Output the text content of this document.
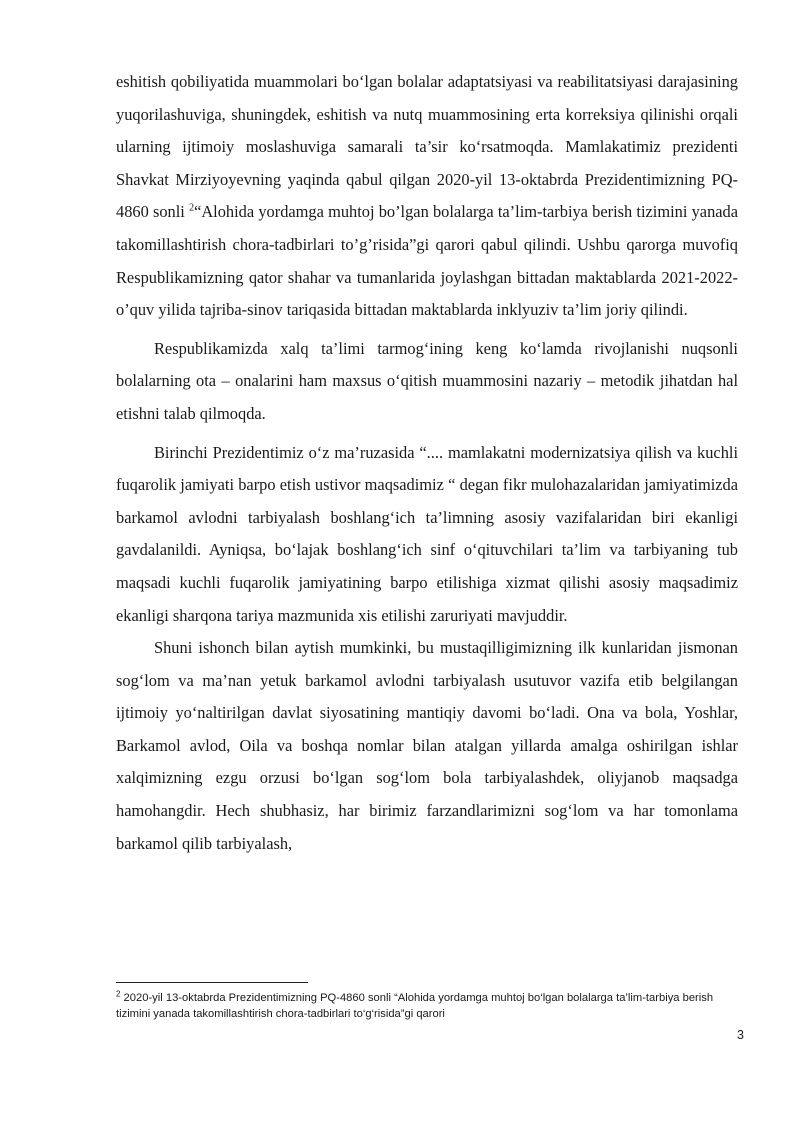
eshitish qobiliyatida muammolari bo‘lgan bolalar adaptatsiyasi va reabilitatsiyasi darajasining yuqorilashuviga, shuningdek, eshitish va nutq muammosining erta korreksiya qilinishi orqali ularning ijtimoiy moslashuviga samarali ta’sir ko‘rsatmoqda. Mamlakatimiz prezidenti Shavkat Mirziyoyevning yaqinda qabul qilgan 2020-yil 13-oktabrda Prezidentimizning PQ-4860 sonli $^2$“Alohida yordamga muhtoj bo’lgan bolalarga ta’lim-tarbiya berish tizimini yanada takomillashtirish chora-tadbirlari to’g’risida”gi qarori qabul qilindi. Ushbu qarorga muvofiq Respublikamizning qator shahar va tumanlarida joylashgan bittadan maktablarda 2021-2022-o’quv yilida tajriba-sinov tariqasida bittadan maktablarda inklyuziv ta’lim joriy qilindi.

Respublikamizda xalq ta’limi tarmog‘ining keng ko‘lamda rivojlanishi nuqsonli bolalarning ota – onalarini ham maxsus o‘qitish muammosini nazariy – metodik jihatdan hal etishni talab qilmoqda.

Birinchi Prezidentimiz o‘z ma’ruzasida “.... mamlakatni modernizatsiya qilish va kuchli fuqarolik jamiyati barpo etish ustivor maqsadimiz “ degan fikr mulohazalaridan jamiyatimizda barkamol avlodni tarbiyalash boshlang‘ich ta’limning asosiy vazifalaridan biri ekanligi gavdalanildi. Ayniqsa, bo‘lajak boshlang‘ich sinf o‘qituvchilari ta’lim va tarbiyaning tub maqsadi kuchli fuqarolik jamiyatining barpo etilishiga xizmat qilishi asosiy maqsadimiz ekanligi sharqona tariya mazmunida xis etilishi zaruriyati mavjuddir.

Shuni ishonch bilan aytish mumkinki, bu mustaqilligimizning ilk kunlaridan jismonan sog‘lom va ma’nan yetuk barkamol avlodni tarbiyalash usutuvor vazifa etib belgilangan ijtimoiy yo‘naltirilgan davlat siyosatining mantiqiy davomi bo‘ladi. Ona va bola, Yoshlar, Barkamol avlod, Oila va boshqa nomlar bilan atalgan yillarda amalga oshirilgan ishlar xalqimizning ezgu orzusi bo‘lgan sog‘lom bola tarbiyalashdek, oliyjanob maqsadga hamohangdir. Hech shubhasiz, har birimiz farzandlarimizni sog‘lom va har tomonlama barkamol qilib tarbiyalash,

$^2$ 2020-yil 13-oktabrda Prezidentimizning PQ-4860 sonli “Alohida yordamga muhtoj bo‘lgan bolalarga ta’lim-tarbiya berish tizimini yanada takomillashtirish chora-tadbirlari to‘g‘risida”gi qarori

3
